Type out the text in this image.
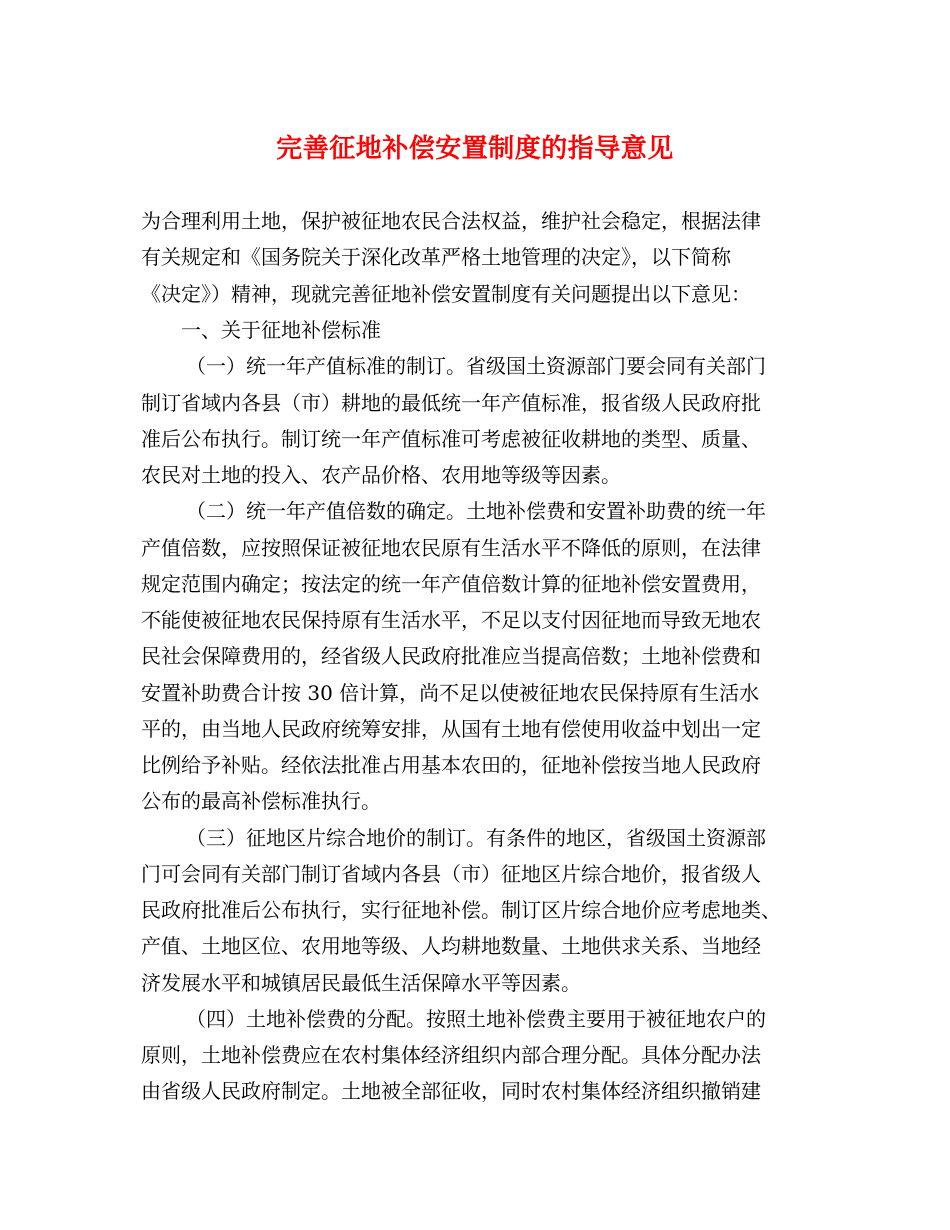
完善征地补偿安置制度的指导意见
为合理利用土地，保护被征地农民合法权益，维护社会稳定，根据法律
有关规定和《国务院关于深化改革严格土地管理的决定》，以下简称
《决定》）精神，现就完善征地补偿安置制度有关问题提出以下意见：
一、关于征地补偿标准
（一）统一年产值标准的制订。省级国土资源部门要会同有关部门
制订省域内各县（市）耕地的最低统一年产值标准，报省级人民政府批
准后公布执行。制订统一年产值标准可考虑被征收耕地的类型、质量、
农民对土地的投入、农产品价格、农用地等级等因素。
（二）统一年产值倍数的确定。土地补偿费和安置补助费的统一年
产值倍数，应按照保证被征地农民原有生活水平不降低的原则，在法律
规定范围内确定；按法定的统一年产值倍数计算的征地补偿安置费用，
不能使被征地农民保持原有生活水平，不足以支付因征地而导致无地农
民社会保障费用的，经省级人民政府批准应当提高倍数；土地补偿费和
安置补助费合计按 30 倍计算，尚不足以使被征地农民保持原有生活水
平的，由当地人民政府统筹安排，从国有土地有偿使用收益中划出一定
比例给予补贴。经依法批准占用基本农田的，征地补偿按当地人民政府
公布的最高补偿标准执行。
（三）征地区片综合地价的制订。有条件的地区，省级国土资源部
门可会同有关部门制订省域内各县（市）征地区片综合地价，报省级人
民政府批准后公布执行，实行征地补偿。制订区片综合地价应考虑地类、
产值、土地区位、农用地等级、人均耕地数量、土地供求关系、当地经
济发展水平和城镇居民最低生活保障水平等因素。
（四）土地补偿费的分配。按照土地补偿费主要用于被征地农户的
原则，土地补偿费应在农村集体经济组织内部合理分配。具体分配办法
由省级人民政府制定。土地被全部征收，同时农村集体经济组织撤销建
